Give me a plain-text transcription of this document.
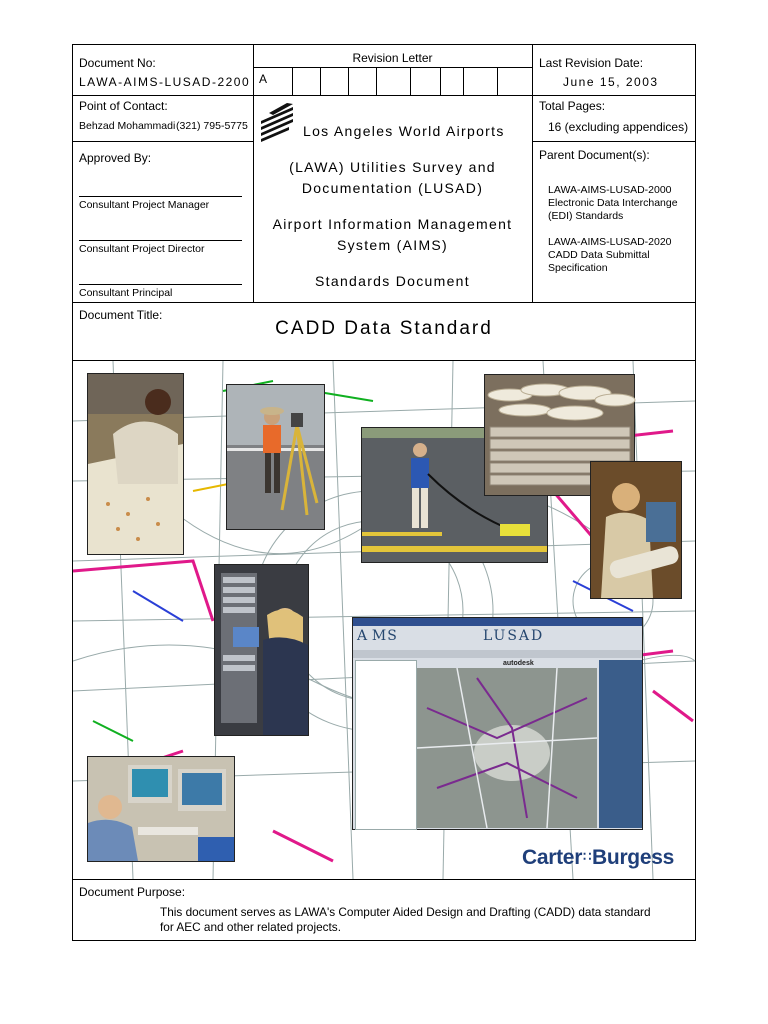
Document No:
LAWA-AIMS-LUSAD-2200
Revision Letter
A
Last Revision Date:
June 15, 2003
Point of Contact:
Behzad Mohammadi (321) 795-5775
Approved By:
Consultant Project Manager
Consultant Project Director
Consultant Principal
Los Angeles World Airports
(LAWA) Utilities Survey and
Documentation (LUSAD)
Airport Information Management
System (AIMS)
Standards Document
Total Pages:
16 (excluding appendices)
Parent Document(s):
LAWA-AIMS-LUSAD-2000
Electronic Data Interchange
(EDI) Standards
LAWA-AIMS-LUSAD-2020
CADD Data Submittal
Specification
Document Title:
CADD Data Standard
A MS	LUSAD
autodesk
Carter∷Burgess
Document Purpose:
This document serves as LAWA's Computer Aided Design and Drafting (CADD) data standard
for AEC and other related projects.
